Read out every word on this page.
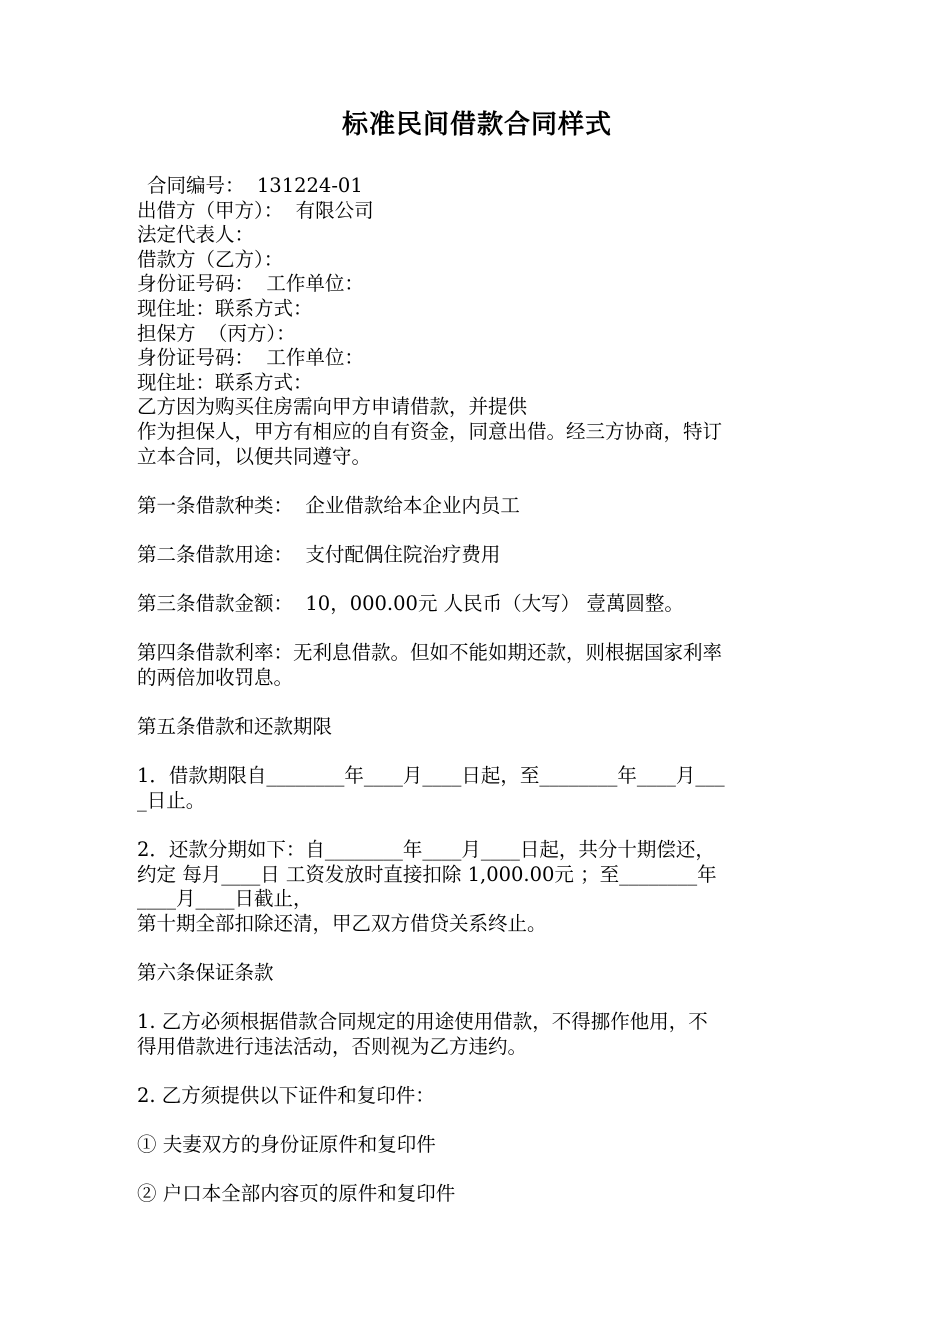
标准民间借款合同样式
合同编号：  131224-01
出借方（甲方）：  有限公司
法定代表人：
借款方（乙方）：
身份证号码：  工作单位：
现住址：联系方式：
担保方  （丙方）：
身份证号码：  工作单位：
现住址：联系方式：
乙方因为购买住房需向甲方申请借款，并提供
作为担保人，甲方有相应的自有资金，同意出借。经三方协商，特订
立本合同，以便共同遵守。
第一条借款种类：  企业借款给本企业内员工
第二条借款用途：  支付配偶住院治疗费用
第三条借款金额：  10，000.00元 人民币（大写） 壹萬圆整。
第四条借款利率：无利息借款。但如不能如期还款，则根据国家利率
的两倍加收罚息。
第五条借款和还款期限
1．借款期限自________年____月____日起，至________年____月___
_日止。
2．还款分期如下：自________年____月____日起，共分十期偿还，
约定 每月____日 工资发放时直接扣除 1,000.00元 ；至________年
____月____日截止，
第十期全部扣除还清，甲乙双方借贷关系终止。
第六条保证条款
1. 乙方必须根据借款合同规定的用途使用借款，不得挪作他用，不
得用借款进行违法活动，否则视为乙方违约。
2. 乙方须提供以下证件和复印件：
① 夫妻双方的身份证原件和复印件
② 户口本全部内容页的原件和复印件
